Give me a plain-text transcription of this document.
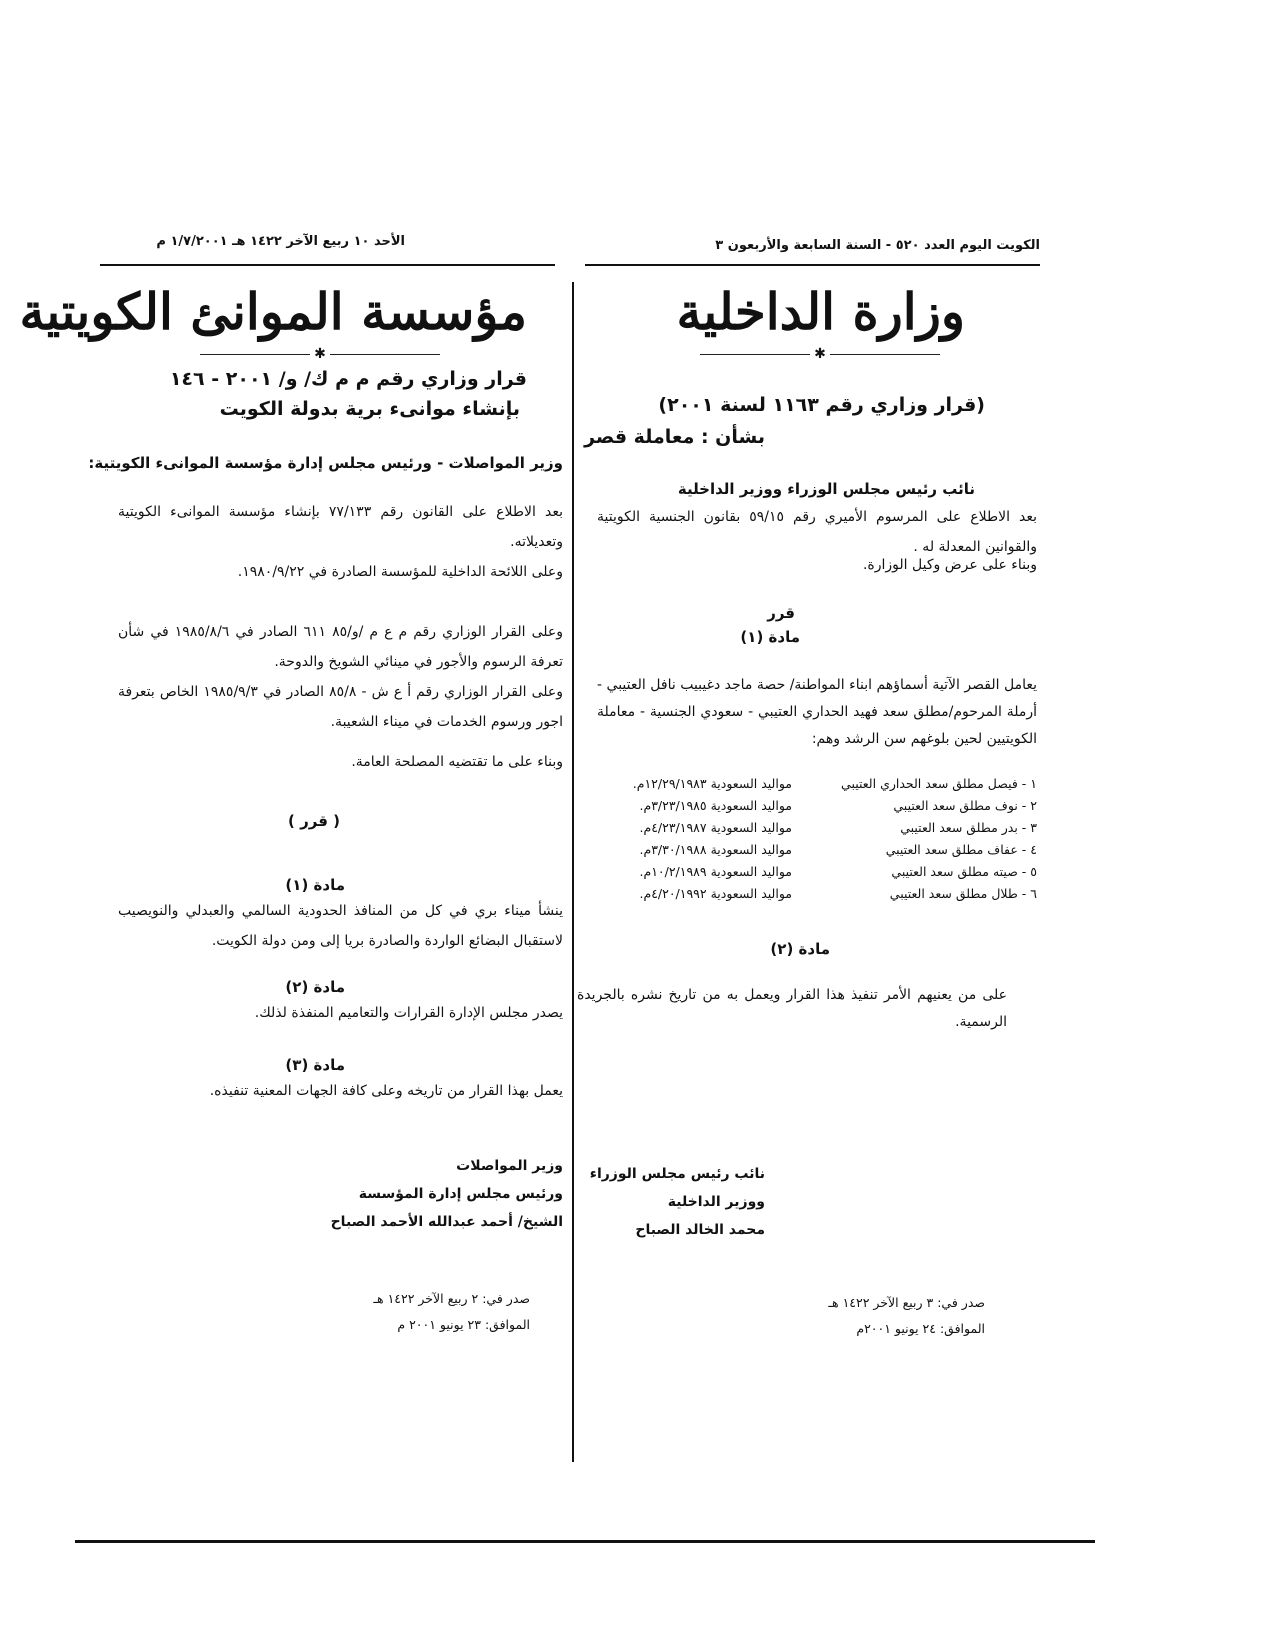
الكويت اليوم العدد ٥٢٠ - السنة السابعة والأربعون ٣
الأحد ١٠ ربيع الآخر ١٤٢٢ هـ ١/٧/٢٠٠١ م
وزارة الداخلية
✱
(قرار وزاري رقم ١١٦٣ لسنة ٢٠٠١)
بشأن : معاملة قصر
نائب رئيس مجلس الوزراء ووزير الداخلية
بعد الاطلاع على المرسوم الأميري رقم ٥٩/١٥ بقانون الجنسية الكويتية والقوانين المعدلة له .
وبناء على عرض وكيل الوزارة.
قرر
مادة (١)
يعامل القصر الآتية أسماؤهم ابناء المواطنة/ حصة ماجد دغيبيب نافل العتيبي - أرملة المرحوم/مطلق سعد فهيد الحداري العتيبي - سعودي الجنسية - معاملة الكويتيين لحين بلوغهم سن الرشد وهم:
١ - فيصل مطلق سعد الحداري العتيبي
مواليد السعودية ١٢/٢٩/١٩٨٣م.
٢ - نوف مطلق سعد العتيبي
مواليد السعودية ٣/٢٣/١٩٨٥م.
٣ - بدر مطلق سعد العتيبي
مواليد السعودية ٤/٢٣/١٩٨٧م.
٤ - عفاف مطلق سعد العتيبي
مواليد السعودية ٣/٣٠/١٩٨٨م.
٥ - صيته مطلق سعد العتيبي
مواليد السعودية ١٠/٢/١٩٨٩م.
٦ - طلال مطلق سعد العتيبي
مواليد السعودية ٤/٢٠/١٩٩٢م.
مادة (٢)
على من يعنيهم الأمر تنفيذ هذا القرار ويعمل به من تاريخ نشره بالجريدة الرسمية.
نائب رئيس مجلس الوزراء
ووزير الداخلية
محمد الخالد الصباح
صدر في: ٣ ربيع الآخر ١٤٢٢ هـ
الموافق: ٢٤ يونيو ٢٠٠١م
مؤسسة الموانئ الكويتية
✱
قرار وزاري رقم م م ك/ و/ ٢٠٠١ - ١٤٦
بإنشاء موانىء برية بدولة الكويت
وزير المواصلات - ورئيس مجلس إدارة مؤسسة الموانىء الكويتية:
بعد الاطلاع على القانون رقم ٧٧/١٣٣ بإنشاء مؤسسة الموانىء الكويتية وتعديلاته.
وعلى اللائحة الداخلية للمؤسسة الصادرة في ١٩٨٠/٩/٢٢.
وعلى القرار الوزاري رقم م ع م /و/٨٥ ٦١١ الصادر في ١٩٨٥/٨/٦ في شأن تعرفة الرسوم والأجور في مينائي الشويخ والدوحة.
وعلى القرار الوزاري رقم أ ع ش - ٨٥/٨ الصادر في ١٩٨٥/٩/٣ الخاص بتعرفة اجور ورسوم الخدمات في ميناء الشعيبة.
وبناء على ما تقتضيه المصلحة العامة.
( قرر )
مادة (١)
ينشأ ميناء بري في كل من المنافذ الحدودية السالمي والعبدلي والنويصيب لاستقبال البضائع الواردة والصادرة بريا إلى ومن دولة الكويت.
مادة (٢)
يصدر مجلس الإدارة القرارات والتعاميم المنفذة لذلك.
مادة (٣)
يعمل بهذا القرار من تاريخه وعلى كافة الجهات المعنية تنفيذه.
وزير المواصلات
ورئيس مجلس إدارة المؤسسة
الشيخ/ أحمد عبدالله الأحمد الصباح
صدر في: ٢ ربيع الآخر ١٤٢٢ هـ
الموافق: ٢٣ يونيو ٢٠٠١ م
